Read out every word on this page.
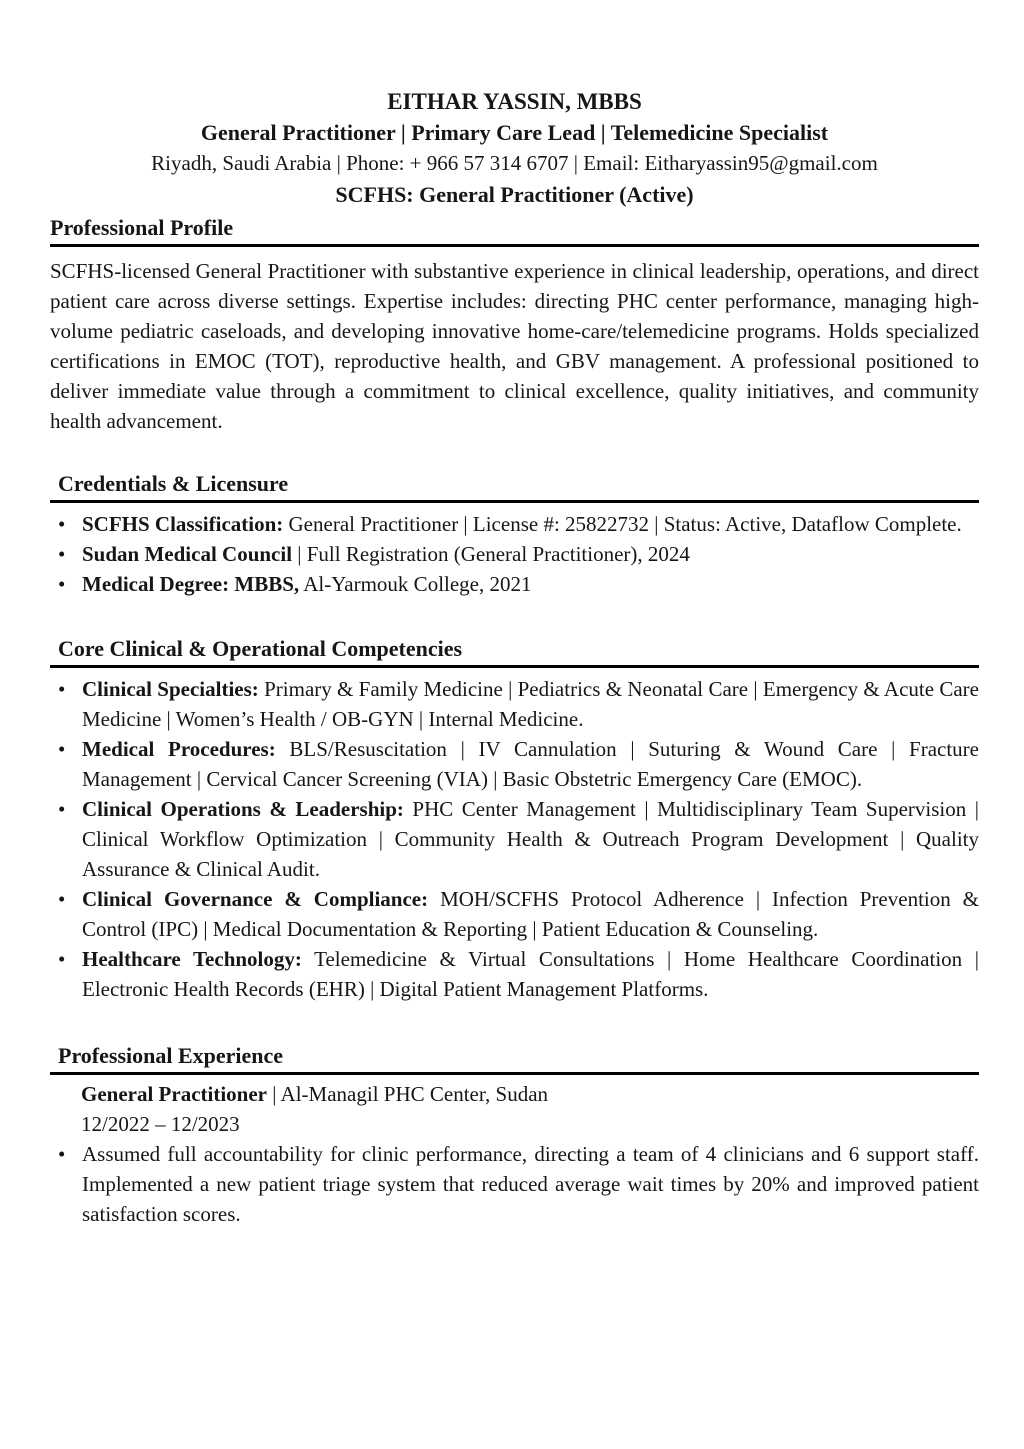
EITHAR YASSIN, MBBS
General Practitioner | Primary Care Lead | Telemedicine Specialist
Riyadh, Saudi Arabia | Phone: + 966 57 314 6707 | Email: Eitharyassin95@gmail.com
SCFHS: General Practitioner (Active)
Professional Profile

SCFHS-licensed General Practitioner with substantive experience in clinical leadership, operations, and direct patient care across diverse settings. Expertise includes: directing PHC center performance, managing high-volume pediatric caseloads, and developing innovative home-care/telemedicine programs. Holds specialized certifications in EMOC (TOT), reproductive health, and GBV management. A professional positioned to deliver immediate value through a commitment to clinical excellence, quality initiatives, and community health advancement.

Credentials & Licensure
• SCFHS Classification: General Practitioner | License #: 25822732 | Status: Active, Dataflow Complete.
• Sudan Medical Council | Full Registration (General Practitioner), 2024
• Medical Degree: MBBS, Al-Yarmouk College, 2021
Core Clinical & Operational Competencies
• Clinical Specialties: Primary & Family Medicine | Pediatrics & Neonatal Care | Emergency & Acute Care Medicine | Women’s Health / OB-GYN | Internal Medicine.
• Medical Procedures: BLS/Resuscitation | IV Cannulation | Suturing & Wound Care | Fracture Management | Cervical Cancer Screening (VIA) | Basic Obstetric Emergency Care (EMOC).
• Clinical Operations & Leadership: PHC Center Management | Multidisciplinary Team Supervision | Clinical Workflow Optimization | Community Health & Outreach Program Development | Quality Assurance & Clinical Audit.
• Clinical Governance & Compliance: MOH/SCFHS Protocol Adherence | Infection Prevention & Control (IPC) | Medical Documentation & Reporting | Patient Education & Counseling.
• Healthcare Technology: Telemedicine & Virtual Consultations | Home Healthcare Coordination | Electronic Health Records (EHR) | Digital Patient Management Platforms.
Professional Experience
General Practitioner | Al-Managil PHC Center, Sudan
12/2022 – 12/2023
• Assumed full accountability for clinic performance, directing a team of 4 clinicians and 6 support staff. Implemented a new patient triage system that reduced average wait times by 20% and improved patient satisfaction scores.
